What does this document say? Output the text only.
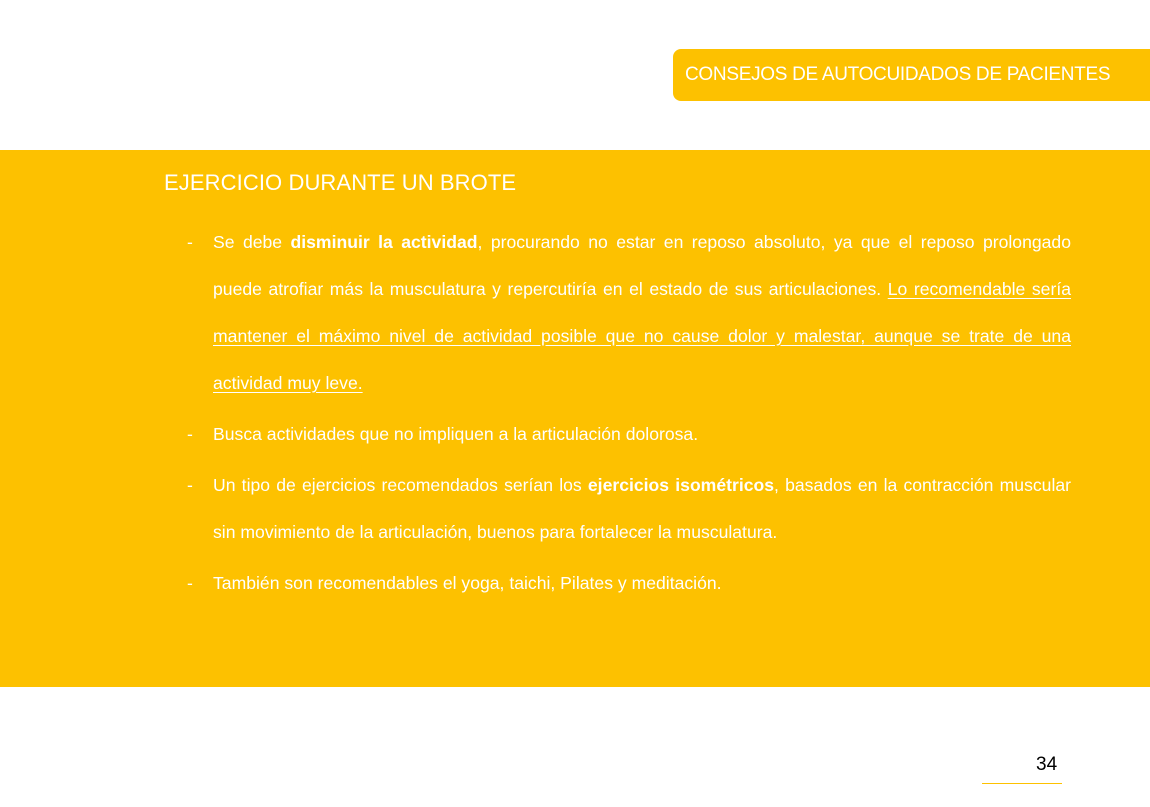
CONSEJOS DE AUTOCUIDADOS DE PACIENTES
EJERCICIO DURANTE UN BROTE
- Se debe disminuir la actividad, procurando no estar en reposo absoluto, ya que el reposo prolongado puede atrofiar más la musculatura y repercutiría en el estado de sus articulaciones. Lo recomendable sería mantener el máximo nivel de actividad posible que no cause dolor y malestar, aunque se trate de una actividad muy leve.
- Busca actividades que no impliquen a la articulación dolorosa.
- Un tipo de ejercicios recomendados serían los ejercicios isométricos, basados en la contracción muscular sin movimiento de la articulación, buenos para fortalecer la musculatura.
- También son recomendables el yoga, taichi, Pilates y meditación.
34
